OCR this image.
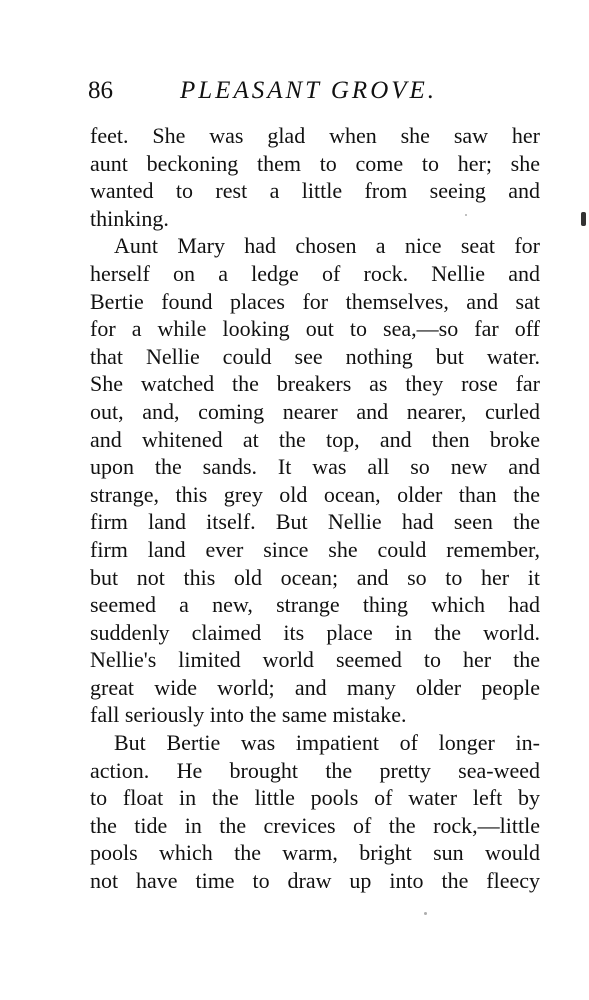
86	PLEASANT GROVE.

feet. She was glad when she saw her
aunt beckoning them to come to her; she
wanted to rest a little from seeing and
thinking.

Aunt Mary had chosen a nice seat for
herself on a ledge of rock. Nellie and
Bertie found places for themselves, and sat
for a while looking out to sea,—so far off
that Nellie could see nothing but water.
She watched the breakers as they rose far
out, and, coming nearer and nearer, curled
and whitened at the top, and then broke
upon the sands. It was all so new and
strange, this grey old ocean, older than the
firm land itself. But Nellie had seen the
firm land ever since she could remember,
but not this old ocean; and so to her it
seemed a new, strange thing which had
suddenly claimed its place in the world.
Nellie's limited world seemed to her the
great wide world; and many older people
fall seriously into the same mistake.

But Bertie was impatient of longer in-
action. He brought the pretty sea-weed
to float in the little pools of water left by
the tide in the crevices of the rock,—little
pools which the warm, bright sun would
not have time to draw up into the fleecy
